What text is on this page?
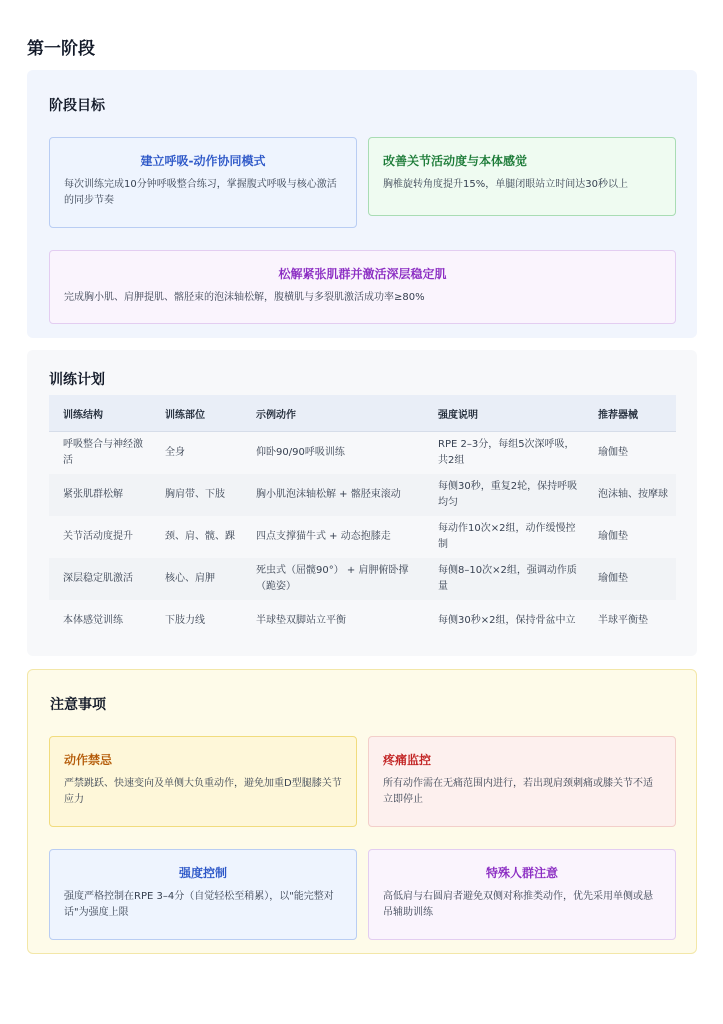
第一阶段
阶段目标
建立呼吸-动作协同模式
每次训练完成10分钟呼吸整合练习，掌握腹式呼吸与核心激活的同步节奏
改善关节活动度与本体感觉
胸椎旋转角度提升15%，单腿闭眼站立时间达30秒以上
松解紧张肌群并激活深层稳定肌
完成胸小肌、肩胛提肌、髂胫束的泡沫轴松解，腹横肌与多裂肌激活成功率≥80%
训练计划
训练结构	训练部位	示例动作	强度说明	推荐器械
呼吸整合与神经激活	全身	仰卧90/90呼吸训练	RPE 2–3分，每组5次深呼吸，共2组	瑜伽垫
紧张肌群松解	胸肩带、下肢	胸小肌泡沫轴松解 + 髂胫束滚动	每侧30秒，重复2轮，保持呼吸均匀	泡沫轴、按摩球
关节活动度提升	颈、肩、髋、踝	四点支撑猫牛式 + 动态抱膝走	每动作10次×2组，动作缓慢控制	瑜伽垫
深层稳定肌激活	核心、肩胛	死虫式（屈髋90°） + 肩胛俯卧撑（跪姿）	每侧8–10次×2组，强调动作质量	瑜伽垫
本体感觉训练	下肢力线	半球垫双脚站立平衡	每侧30秒×2组，保持骨盆中立	半球平衡垫
注意事项
动作禁忌
严禁跳跃、快速变向及单侧大负重动作，避免加重D型腿膝关节应力
疼痛监控
所有动作需在无痛范围内进行，若出现肩颈刺痛或膝关节不适立即停止
强度控制
强度严格控制在RPE 3–4分（自觉轻松至稍累），以"能完整对话"为强度上限
特殊人群注意
高低肩与右圆肩者避免双侧对称推类动作，优先采用单侧或悬吊辅助训练
